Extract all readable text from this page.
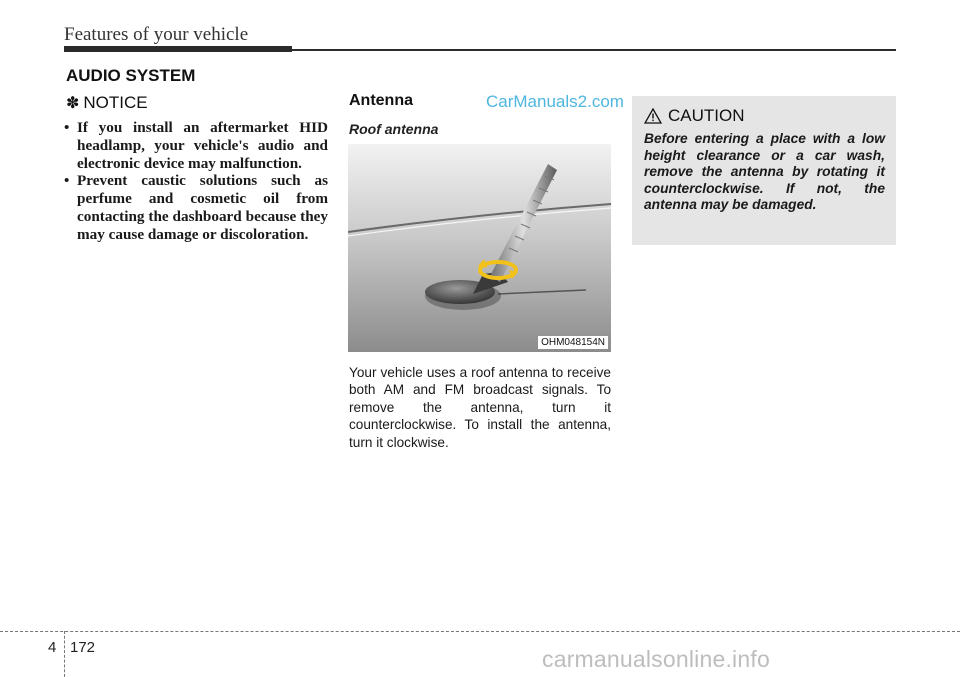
Features of your vehicle
AUDIO SYSTEM
✽ NOTICE
• If you install an aftermarket HID headlamp, your vehicle's audio and electronic device may malfunction.
• Prevent caustic solutions such as perfume and cosmetic oil from contacting the dashboard because they may cause damage or discoloration.
Antenna	CarManuals2.com
Roof antenna
OHM048154N

Your vehicle uses a roof antenna to receive both AM and FM broadcast signals. To remove the antenna, turn it counterclockwise. To install the antenna, turn it clockwise.

CAUTION

Before entering a place with a low height clearance or a car wash, remove the antenna by rotating it counterclockwise. If not, the antenna may be damaged.

4 172	carmanualsonline.info
